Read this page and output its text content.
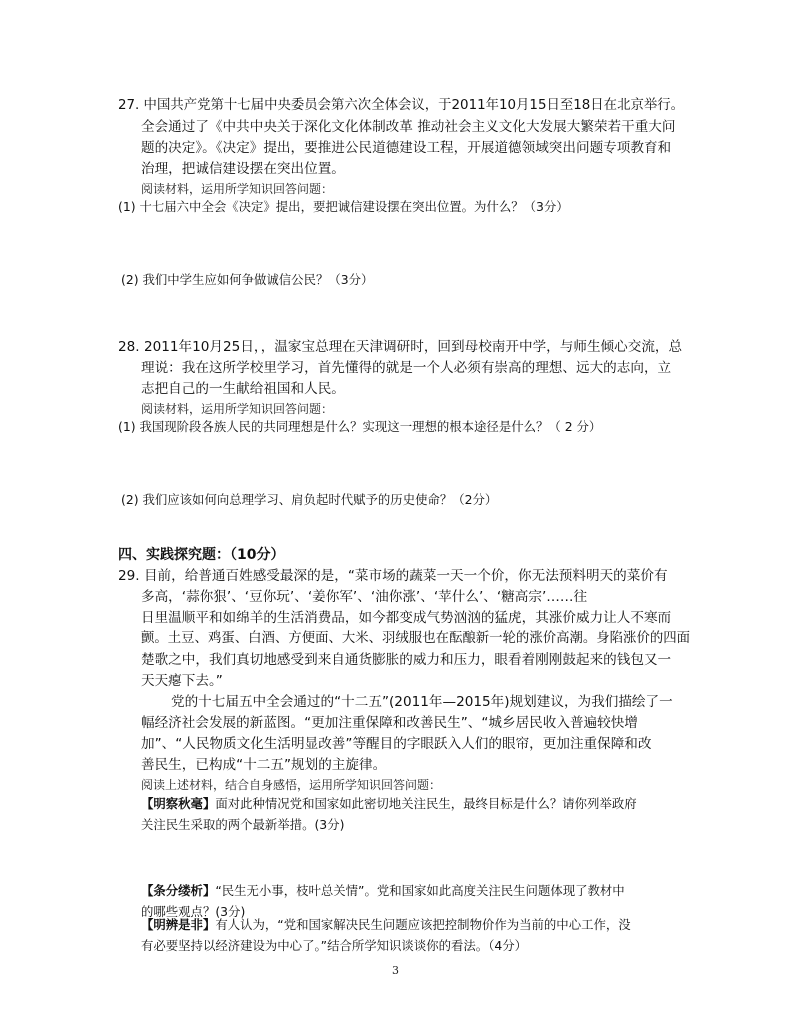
27. 中国共产党第十七届中央委员会第六次全体会议，于2011年10月15日至18日在北京举行。
全会通过了《中共中央关于深化文化体制改革 推动社会主义文化大发展大繁荣若干重大问
题的决定》。《决定》提出，要推进公民道德建设工程，开展道德领域突出问题专项教育和
治理，把诚信建设摆在突出位置。
阅读材料，运用所学知识回答问题：
(1) 十七届六中全会《决定》提出，要把诚信建设摆在突出位置。为什么？（3分）
(2) 我们中学生应如何争做诚信公民？（3分）
28. 2011年10月25日，，温家宝总理在天津调研时，回到母校南开中学，与师生倾心交流，总
理说：我在这所学校里学习，首先懂得的就是一个人必须有崇高的理想、远大的志向，立
志把自己的一生献给祖国和人民。
阅读材料，运用所学知识回答问题：
(1) 我国现阶段各族人民的共同理想是什么？实现这一理想的根本途径是什么？（ 2 分）
(2) 我们应该如何向总理学习、肩负起时代赋予的历史使命？（2分）
四、实践探究题：（10分）
29. 目前，给普通百姓感受最深的是，“菜市场的蔬菜一天一个价，你无法预料明天的菜价有
多高，‘蒜你狠’、‘豆你玩’、‘姜你军’、‘油你涨’、‘苹什么’、‘糖高宗’……往
日里温顺平和如绵羊的生活消费品，如今都变成气势汹汹的猛虎，其涨价威力让人不寒而
颤。土豆、鸡蛋、白酒、方便面、大米、羽绒服也在酝酿新一轮的涨价高潮。身陷涨价的四面
楚歌之中，我们真切地感受到来自通货膨胀的威力和压力，眼看着刚刚鼓起来的钱包又一
天天瘪下去。”
党的十七届五中全会通过的“十二五”(2011年—2015年)规划建议，为我们描绘了一
幅经济社会发展的新蓝图。“更加注重保障和改善民生”、“城乡居民收入普遍较快增
加”、“人民物质文化生活明显改善”等醒目的字眼跃入人们的眼帘，更加注重保障和改
善民生，已构成“十二五”规划的主旋律。
阅读上述材料，结合自身感悟，运用所学知识回答问题：
【明察秋毫】面对此种情况党和国家如此密切地关注民生，最终目标是什么？请你列举政府
关注民生采取的两个最新举措。(3分)
【条分缕析】“民生无小事，枝叶总关情”。党和国家如此高度关注民生问题体现了教材中
的哪些观点？(3分)
【明辨是非】有人认为，“党和国家解决民生问题应该把控制物价作为当前的中心工作，没
有必要坚持以经济建设为中心了。”结合所学知识谈谈你的看法。（4分）
3
